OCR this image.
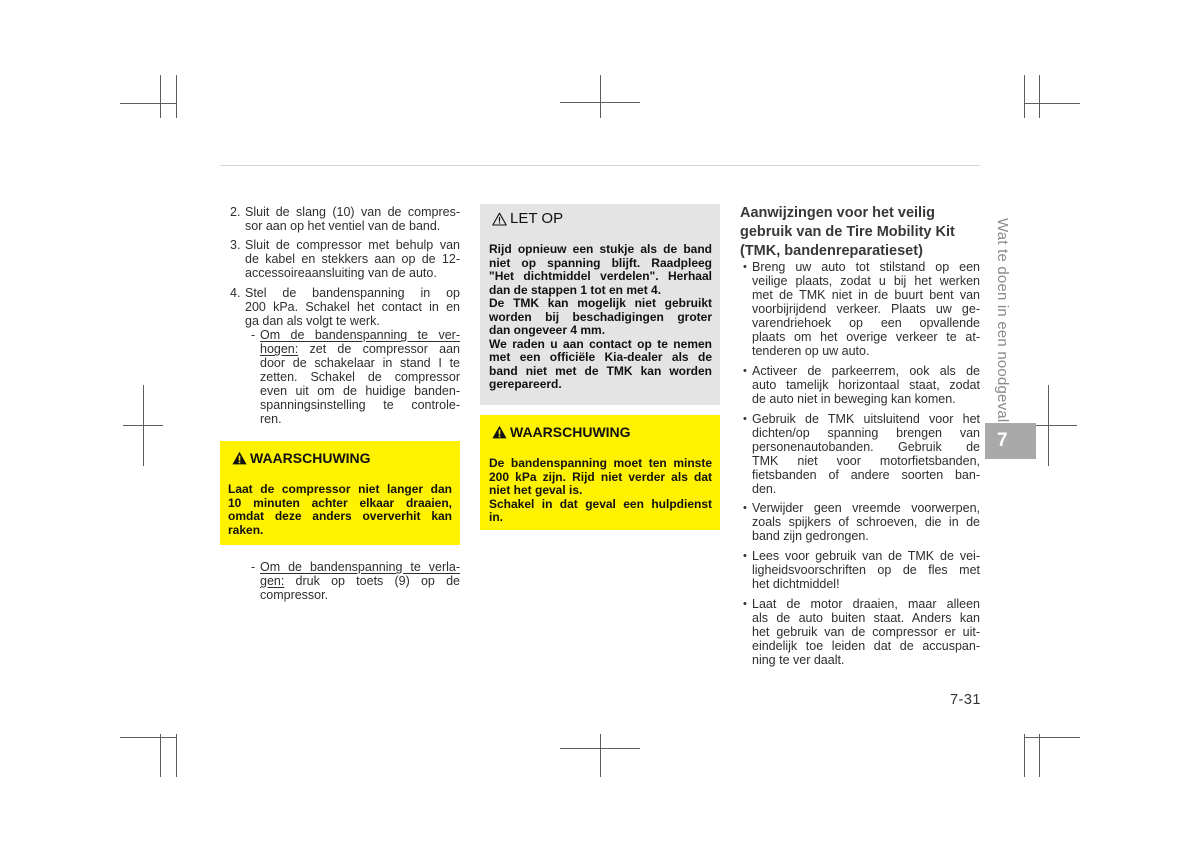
2. Sluit de slang (10) van de compres-
sor aan op het ventiel van de band.
3. Sluit de compressor met behulp van
de kabel en stekkers aan op de 12-
accessoireaansluiting van de auto.
4. Stel de bandenspanning in op
200 kPa. Schakel het contact in en
ga dan als volgt te werk.
- Om de bandenspanning te ver-
hogen: zet de compressor aan
door de schakelaar in stand I te
zetten. Schakel de compressor
even uit om de huidige banden-
spanningsinstelling te controle-
ren.
WAARSCHUWING
Laat de compressor niet langer dan
10 minuten achter elkaar draaien,
omdat deze anders oververhit kan
raken.
- Om de bandenspanning te verla-
gen: druk op toets (9) op de
compressor.
LET OP
Rijd opnieuw een stukje als de band
niet op spanning blijft. Raadpleeg
"Het dichtmiddel verdelen". Herhaal
dan de stappen 1 tot en met 4.
De TMK kan mogelijk niet gebruikt
worden bij beschadigingen groter
dan ongeveer 4 mm.
We raden u aan contact op te nemen
met een officiële Kia-dealer als de
band niet met de TMK kan worden
gerepareerd.
WAARSCHUWING
De bandenspanning moet ten minste
200 kPa zijn. Rijd niet verder als dat
niet het geval is.
Schakel in dat geval een hulpdienst
in.
Aanwijzingen voor het veilig
gebruik van de Tire Mobility Kit
(TMK, bandenreparatieset)
• Breng uw auto tot stilstand op een
veilige plaats, zodat u bij het werken
met de TMK niet in de buurt bent van
voorbijrijdend verkeer. Plaats uw ge-
varendriehoek op een opvallende
plaats om het overige verkeer te at-
tenderen op uw auto.
• Activeer de parkeerrem, ook als de
auto tamelijk horizontaal staat, zodat
de auto niet in beweging kan komen.
• Gebruik de TMK uitsluitend voor het
dichten/op spanning brengen van
personenautobanden. Gebruik de
TMK niet voor motorfietsbanden,
fietsbanden of andere soorten ban-
den.
• Verwijder geen vreemde voorwerpen,
zoals spijkers of schroeven, die in de
band zijn gedrongen.
• Lees voor gebruik van de TMK de vei-
ligheidsvoorschriften op de fles met
het dichtmiddel!
• Laat de motor draaien, maar alleen
als de auto buiten staat. Anders kan
het gebruik van de compressor er uit-
eindelijk toe leiden dat de accuspan-
ning te ver daalt.
7-31
Wat te doen in een noodgeval
7
